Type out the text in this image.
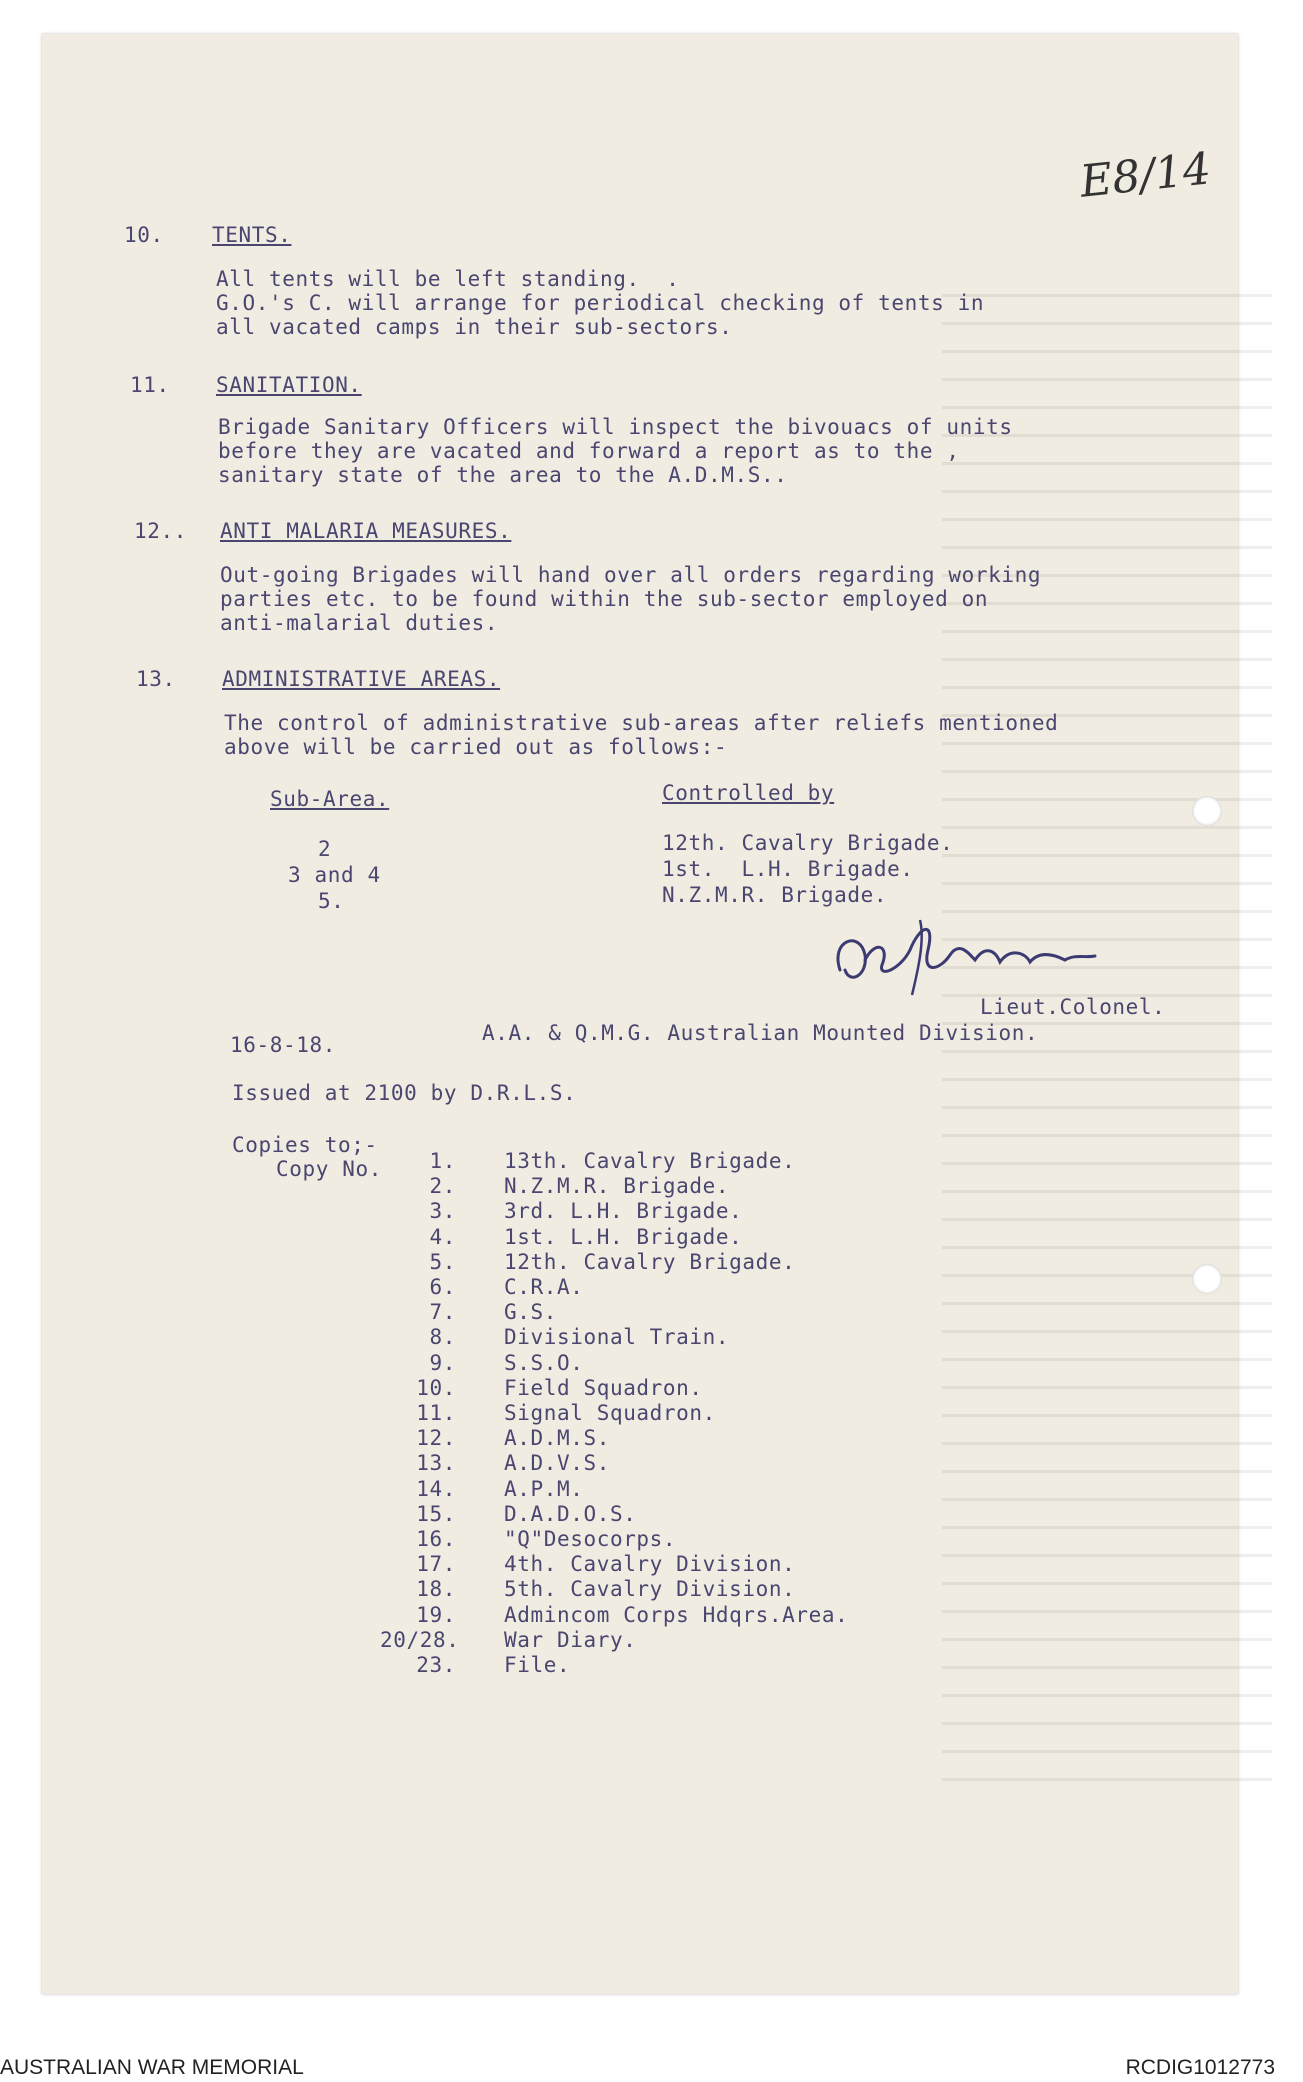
E8/14
10. TENTS.
All tents will be left standing.  .
G.O.'s C. will arrange for periodical checking of tents in
all vacated camps in their sub-sectors.
11. SANITATION.
Brigade Sanitary Officers will inspect the bivouacs of units
before they are vacated and forward a report as to the ,
sanitary state of the area to the A.D.M.S..
12.. ANTI MALARIA MEASURES.
Out-going Brigades will hand over all orders regarding working
parties etc. to be found within the sub-sector employed on
anti-malarial duties.
13. ADMINISTRATIVE AREAS.
The control of administrative sub-areas after reliefs mentioned
above will be carried out as follows:-
Sub-Area.	Controlled by
2	12th. Cavalry Brigade.
3 and 4	1st.  L.H. Brigade.
5.	N.Z.M.R. Brigade.
Lieut.Colonel.
A.A. & Q.M.G. Australian Mounted Division.
16-8-18.
Issued at 2100 by D.R.L.S.
Copies to;-
Copy No.	1. 13th. Cavalry Brigade.
2. N.Z.M.R. Brigade.
3. 3rd. L.H. Brigade.
4. 1st. L.H. Brigade.
5. 12th. Cavalry Brigade.
6. C.R.A.
7. G.S.
8. Divisional Train.
9. S.S.O.
10. Field Squadron.
11. Signal Squadron.
12. A.D.M.S.
13. A.D.V.S.
14. A.P.M.
15. D.A.D.O.S.
16. "Q"Desocorps.
17. 4th. Cavalry Division.
18. 5th. Cavalry Division.
19. Admincom Corps Hdqrs.Area.
20/28. War Diary.
23. File.
AUSTRALIAN WAR MEMORIAL	RCDIG1012773
